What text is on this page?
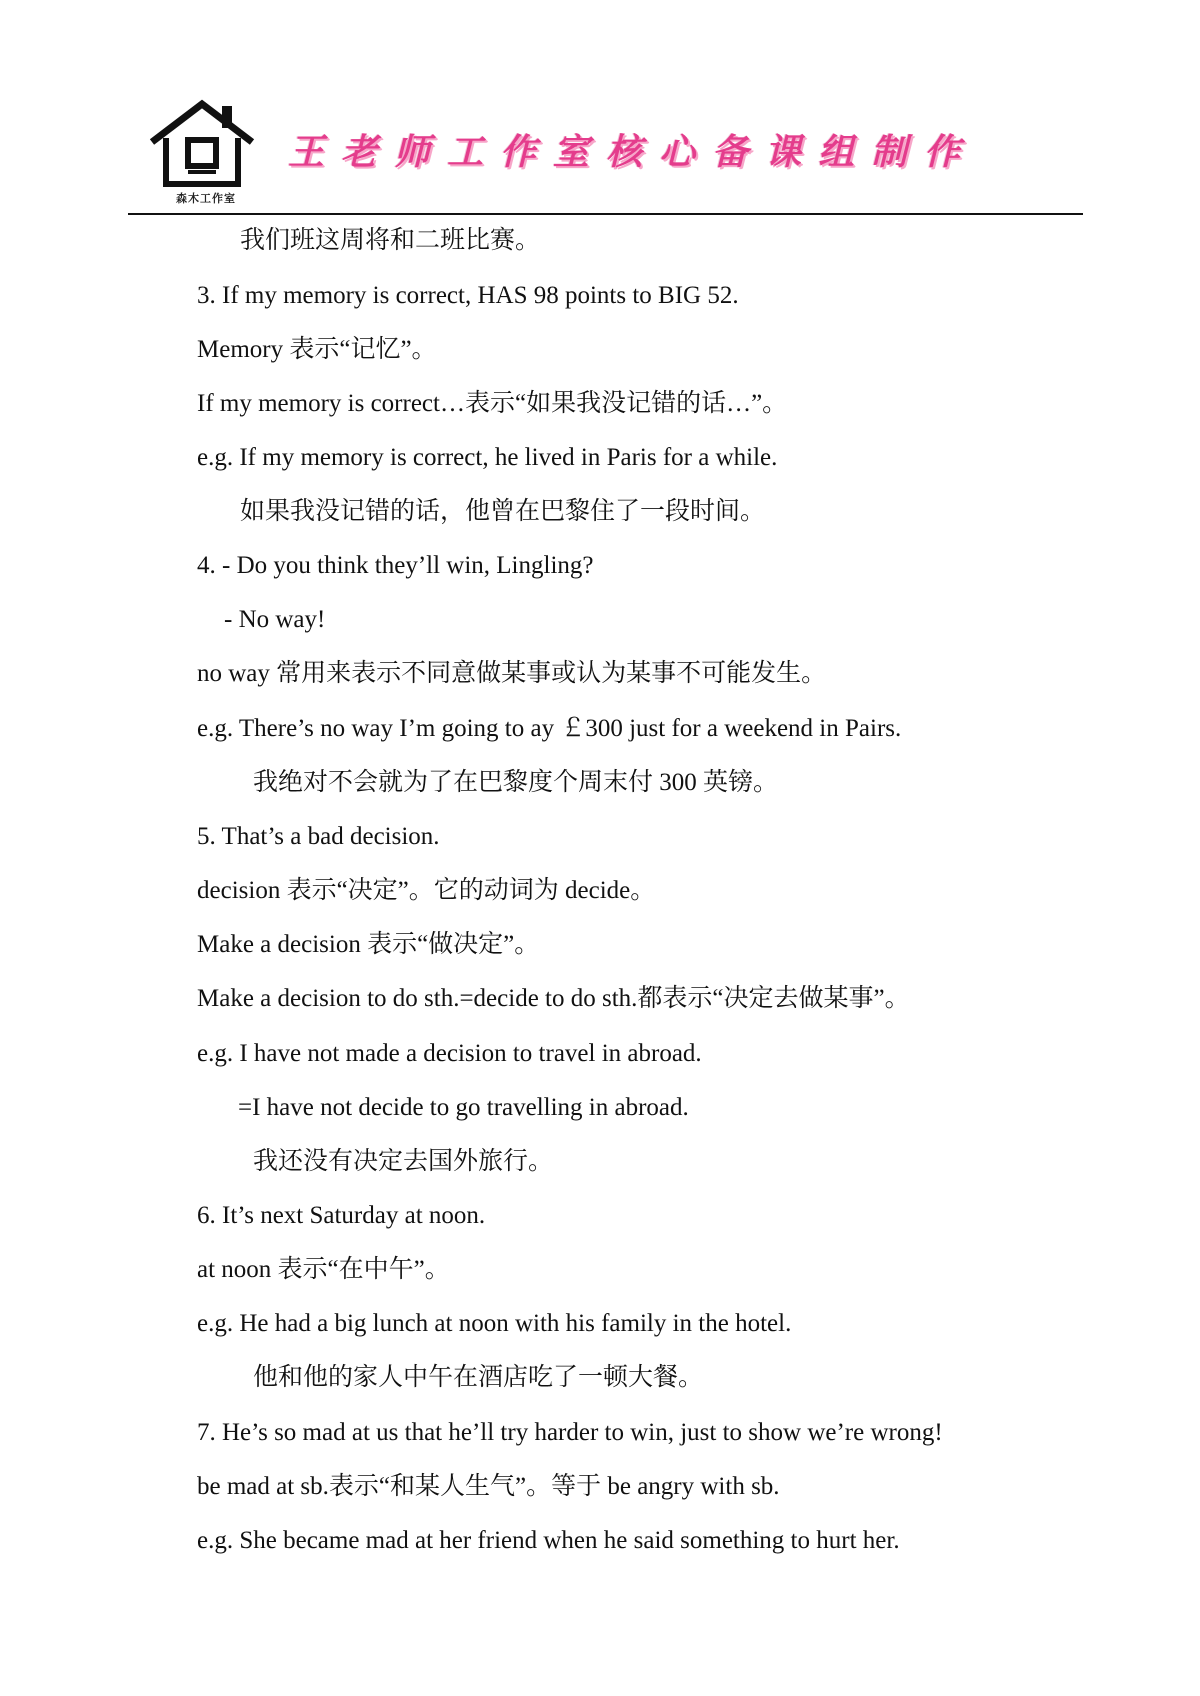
森木工作室
王老师工作室核心备课组制作
我们班这周将和二班比赛。
3. If my memory is correct, HAS 98 points to BIG 52.
Memory 表示“记忆”。
If my memory is correct…表示“如果我没记错的话…”。
e.g. If my memory is correct, he lived in Paris for a while.
如果我没记错的话，他曾在巴黎住了一段时间。
4. - Do you think they’ll win, Lingling?
- No way!
no way 常用来表示不同意做某事或认为某事不可能发生。
e.g. There’s no way I’m going to ay ￡300 just for a weekend in Pairs.
我绝对不会就为了在巴黎度个周末付 300 英镑。
5. That’s a bad decision.
decision 表示“决定”。它的动词为 decide。
Make a decision 表示“做决定”。
Make a decision to do sth.=decide to do sth.都表示“决定去做某事”。
e.g. I have not made a decision to travel in abroad.
=I have not decide to go travelling in abroad.
我还没有决定去国外旅行。
6. It’s next Saturday at noon.
at noon 表示“在中午”。
e.g. He had a big lunch at noon with his family in the hotel.
他和他的家人中午在酒店吃了一顿大餐。
7. He’s so mad at us that he’ll try harder to win, just to show we’re wrong!
be mad at sb.表示“和某人生气”。等于 be angry with sb.
e.g. She became mad at her friend when he said something to hurt her.
